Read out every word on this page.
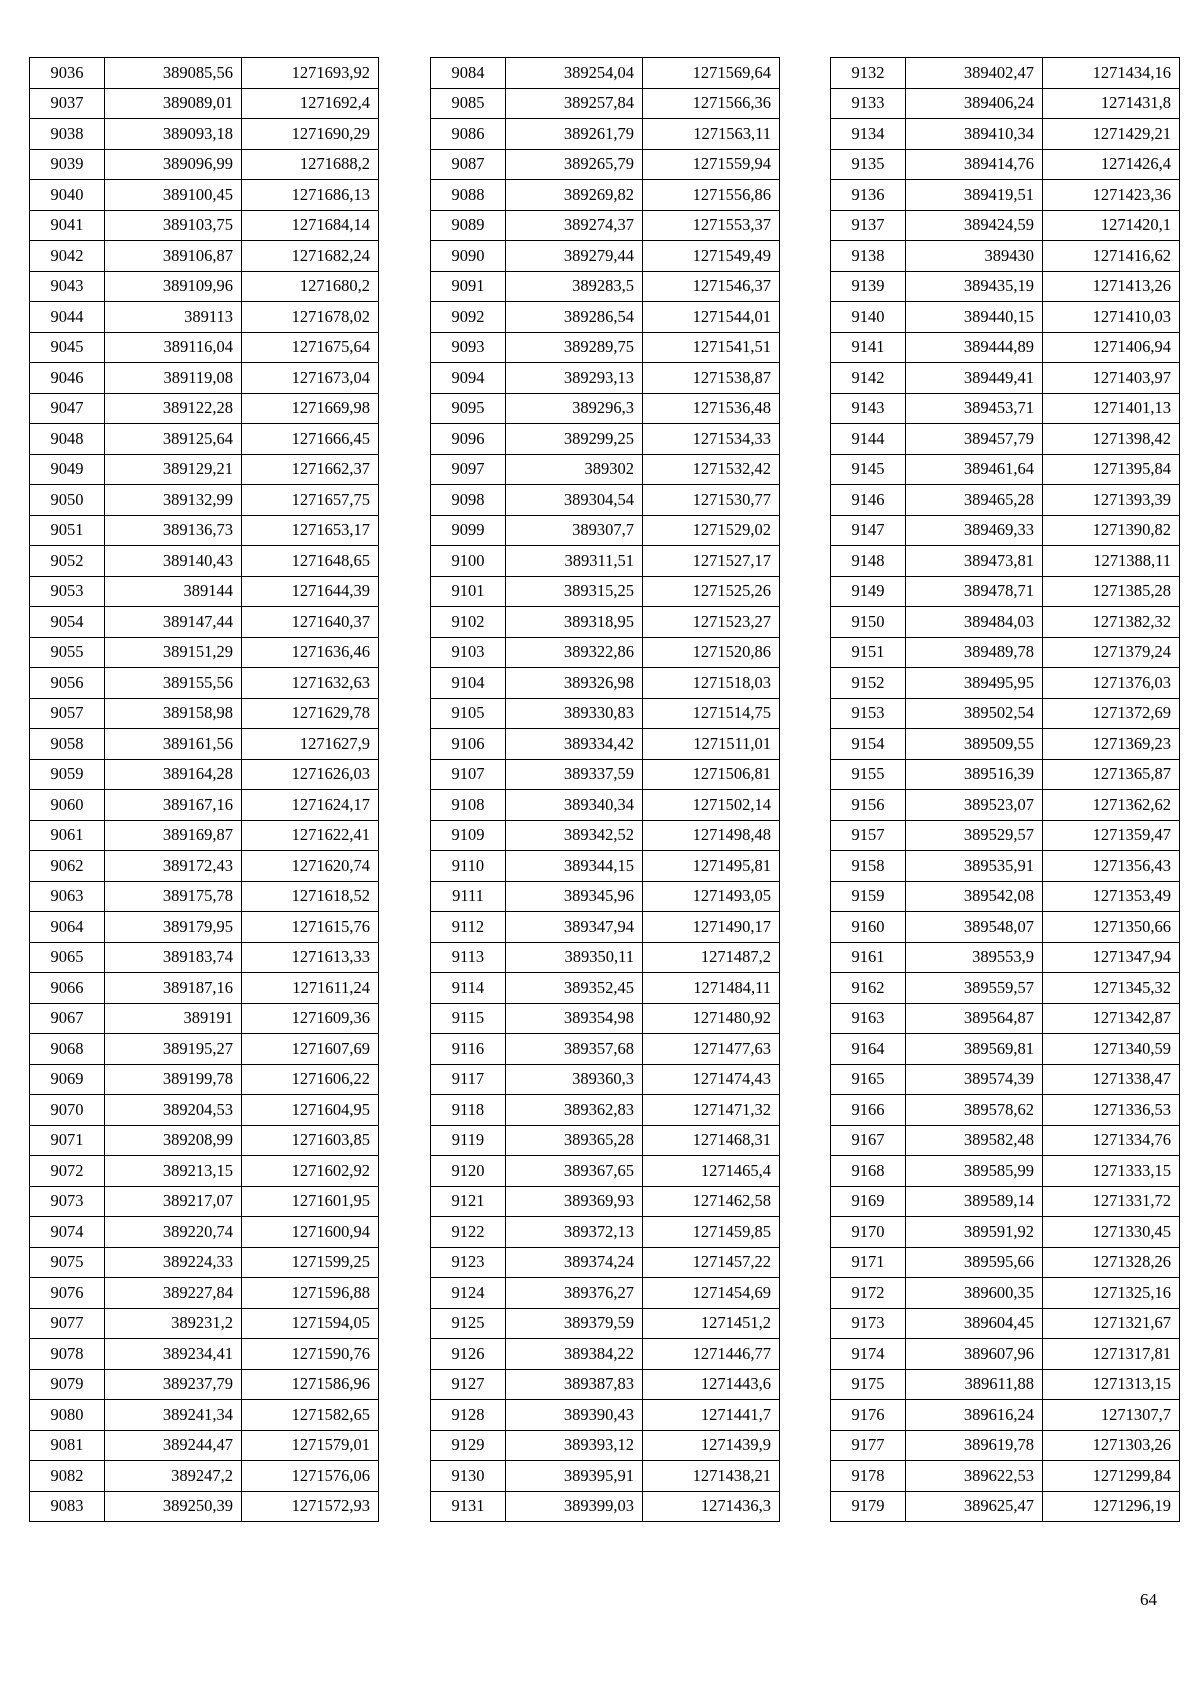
9036	389085,56	1271693,92
9037	389089,01	1271692,4
9038	389093,18	1271690,29
9039	389096,99	1271688,2
9040	389100,45	1271686,13
9041	389103,75	1271684,14
9042	389106,87	1271682,24
9043	389109,96	1271680,2
9044	389113	1271678,02
9045	389116,04	1271675,64
9046	389119,08	1271673,04
9047	389122,28	1271669,98
9048	389125,64	1271666,45
9049	389129,21	1271662,37
9050	389132,99	1271657,75
9051	389136,73	1271653,17
9052	389140,43	1271648,65
9053	389144	1271644,39
9054	389147,44	1271640,37
9055	389151,29	1271636,46
9056	389155,56	1271632,63
9057	389158,98	1271629,78
9058	389161,56	1271627,9
9059	389164,28	1271626,03
9060	389167,16	1271624,17
9061	389169,87	1271622,41
9062	389172,43	1271620,74
9063	389175,78	1271618,52
9064	389179,95	1271615,76
9065	389183,74	1271613,33
9066	389187,16	1271611,24
9067	389191	1271609,36
9068	389195,27	1271607,69
9069	389199,78	1271606,22
9070	389204,53	1271604,95
9071	389208,99	1271603,85
9072	389213,15	1271602,92
9073	389217,07	1271601,95
9074	389220,74	1271600,94
9075	389224,33	1271599,25
9076	389227,84	1271596,88
9077	389231,2	1271594,05
9078	389234,41	1271590,76
9079	389237,79	1271586,96
9080	389241,34	1271582,65
9081	389244,47	1271579,01
9082	389247,2	1271576,06
9083	389250,39	1271572,93
9084	389254,04	1271569,64
9085	389257,84	1271566,36
9086	389261,79	1271563,11
9087	389265,79	1271559,94
9088	389269,82	1271556,86
9089	389274,37	1271553,37
9090	389279,44	1271549,49
9091	389283,5	1271546,37
9092	389286,54	1271544,01
9093	389289,75	1271541,51
9094	389293,13	1271538,87
9095	389296,3	1271536,48
9096	389299,25	1271534,33
9097	389302	1271532,42
9098	389304,54	1271530,77
9099	389307,7	1271529,02
9100	389311,51	1271527,17
9101	389315,25	1271525,26
9102	389318,95	1271523,27
9103	389322,86	1271520,86
9104	389326,98	1271518,03
9105	389330,83	1271514,75
9106	389334,42	1271511,01
9107	389337,59	1271506,81
9108	389340,34	1271502,14
9109	389342,52	1271498,48
9110	389344,15	1271495,81
9111	389345,96	1271493,05
9112	389347,94	1271490,17
9113	389350,11	1271487,2
9114	389352,45	1271484,11
9115	389354,98	1271480,92
9116	389357,68	1271477,63
9117	389360,3	1271474,43
9118	389362,83	1271471,32
9119	389365,28	1271468,31
9120	389367,65	1271465,4
9121	389369,93	1271462,58
9122	389372,13	1271459,85
9123	389374,24	1271457,22
9124	389376,27	1271454,69
9125	389379,59	1271451,2
9126	389384,22	1271446,77
9127	389387,83	1271443,6
9128	389390,43	1271441,7
9129	389393,12	1271439,9
9130	389395,91	1271438,21
9131	389399,03	1271436,3
9132	389402,47	1271434,16
9133	389406,24	1271431,8
9134	389410,34	1271429,21
9135	389414,76	1271426,4
9136	389419,51	1271423,36
9137	389424,59	1271420,1
9138	389430	1271416,62
9139	389435,19	1271413,26
9140	389440,15	1271410,03
9141	389444,89	1271406,94
9142	389449,41	1271403,97
9143	389453,71	1271401,13
9144	389457,79	1271398,42
9145	389461,64	1271395,84
9146	389465,28	1271393,39
9147	389469,33	1271390,82
9148	389473,81	1271388,11
9149	389478,71	1271385,28
9150	389484,03	1271382,32
9151	389489,78	1271379,24
9152	389495,95	1271376,03
9153	389502,54	1271372,69
9154	389509,55	1271369,23
9155	389516,39	1271365,87
9156	389523,07	1271362,62
9157	389529,57	1271359,47
9158	389535,91	1271356,43
9159	389542,08	1271353,49
9160	389548,07	1271350,66
9161	389553,9	1271347,94
9162	389559,57	1271345,32
9163	389564,87	1271342,87
9164	389569,81	1271340,59
9165	389574,39	1271338,47
9166	389578,62	1271336,53
9167	389582,48	1271334,76
9168	389585,99	1271333,15
9169	389589,14	1271331,72
9170	389591,92	1271330,45
9171	389595,66	1271328,26
9172	389600,35	1271325,16
9173	389604,45	1271321,67
9174	389607,96	1271317,81
9175	389611,88	1271313,15
9176	389616,24	1271307,7
9177	389619,78	1271303,26
9178	389622,53	1271299,84
9179	389625,47	1271296,19
64
